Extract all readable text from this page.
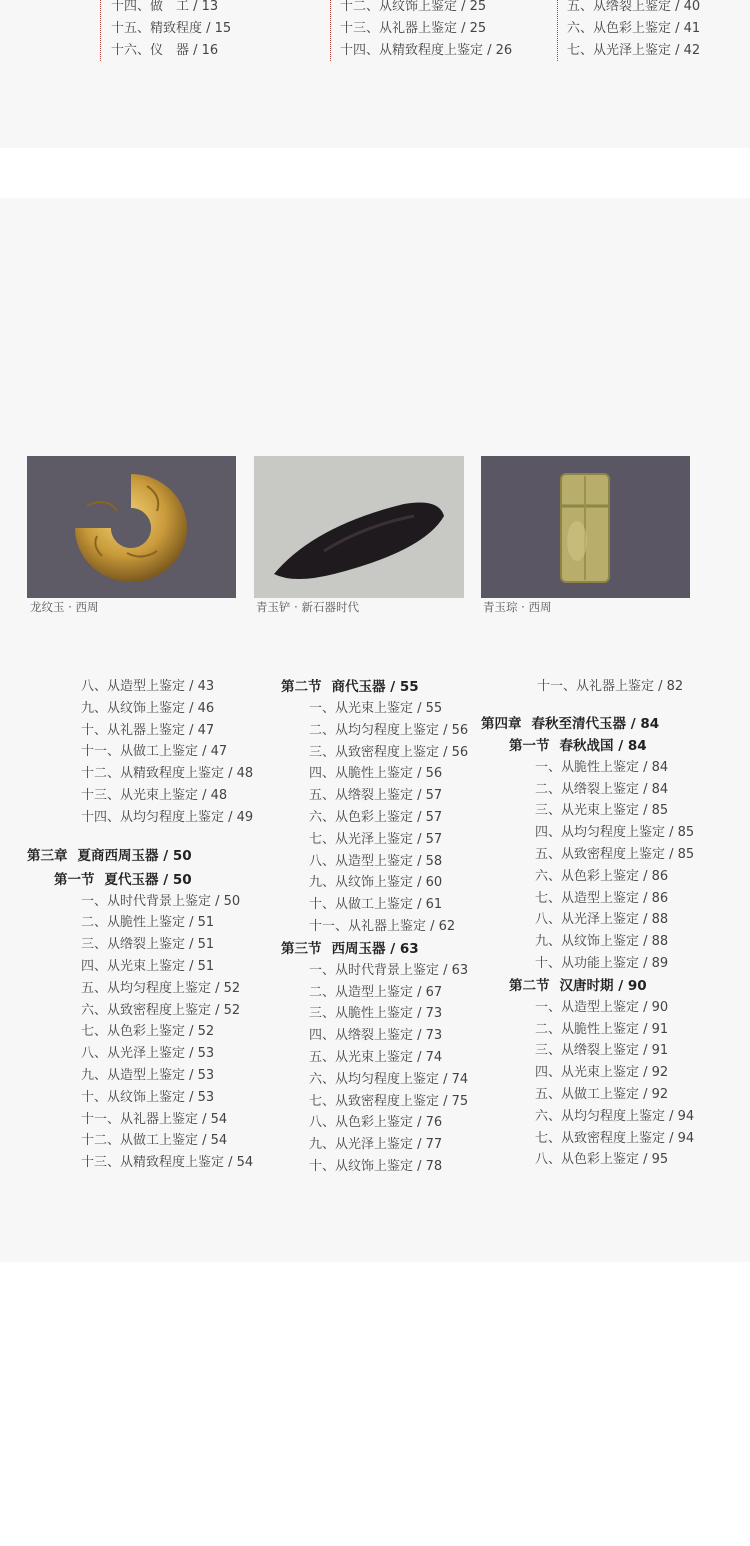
十四、做　工 / 13
十五、精致程度 / 15
十六、仪　器 / 16
十二、从纹饰上鉴定 / 25
十三、从礼器上鉴定 / 25
十四、从精致程度上鉴定 / 26
五、从绺裂上鉴定 / 40
六、从色彩上鉴定 / 41
七、从光泽上鉴定 / 42
龙纹玉 · 西周	青玉铲 · 新石器时代	青玉琮 · 西周
八、从造型上鉴定 / 43
九、从纹饰上鉴定 / 46
十、从礼器上鉴定 / 47
十一、从做工上鉴定 / 47
十二、从精致程度上鉴定 / 48
十三、从光束上鉴定 / 48
十四、从均匀程度上鉴定 / 49
第三章 夏商西周玉器 / 50
第一节 夏代玉器 / 50
一、从时代背景上鉴定 / 50
二、从脆性上鉴定 / 51
三、从绺裂上鉴定 / 51
四、从光束上鉴定 / 51
五、从均匀程度上鉴定 / 52
六、从致密程度上鉴定 / 52
七、从色彩上鉴定 / 52
八、从光泽上鉴定 / 53
九、从造型上鉴定 / 53
十、从纹饰上鉴定 / 53
十一、从礼器上鉴定 / 54
十二、从做工上鉴定 / 54
十三、从精致程度上鉴定 / 54
第二节 商代玉器 / 55
一、从光束上鉴定 / 55
二、从均匀程度上鉴定 / 56
三、从致密程度上鉴定 / 56
四、从脆性上鉴定 / 56
五、从绺裂上鉴定 / 57
六、从色彩上鉴定 / 57
七、从光泽上鉴定 / 57
八、从造型上鉴定 / 58
九、从纹饰上鉴定 / 60
十、从做工上鉴定 / 61
十一、从礼器上鉴定 / 62
第三节 西周玉器 / 63
一、从时代背景上鉴定 / 63
二、从造型上鉴定 / 67
三、从脆性上鉴定 / 73
四、从绺裂上鉴定 / 73
五、从光束上鉴定 / 74
六、从均匀程度上鉴定 / 74
七、从致密程度上鉴定 / 75
八、从色彩上鉴定 / 76
九、从光泽上鉴定 / 77
十、从纹饰上鉴定 / 78
十一、从礼器上鉴定 / 82
第四章 春秋至清代玉器 / 84
第一节 春秋战国 / 84
一、从脆性上鉴定 / 84
二、从绺裂上鉴定 / 84
三、从光束上鉴定 / 85
四、从均匀程度上鉴定 / 85
五、从致密程度上鉴定 / 85
六、从色彩上鉴定 / 86
七、从造型上鉴定 / 86
八、从光泽上鉴定 / 88
九、从纹饰上鉴定 / 88
十、从功能上鉴定 / 89
第二节 汉唐时期 / 90
一、从造型上鉴定 / 90
二、从脆性上鉴定 / 91
三、从绺裂上鉴定 / 91
四、从光束上鉴定 / 92
五、从做工上鉴定 / 92
六、从均匀程度上鉴定 / 94
七、从致密程度上鉴定 / 94
八、从色彩上鉴定 / 95
